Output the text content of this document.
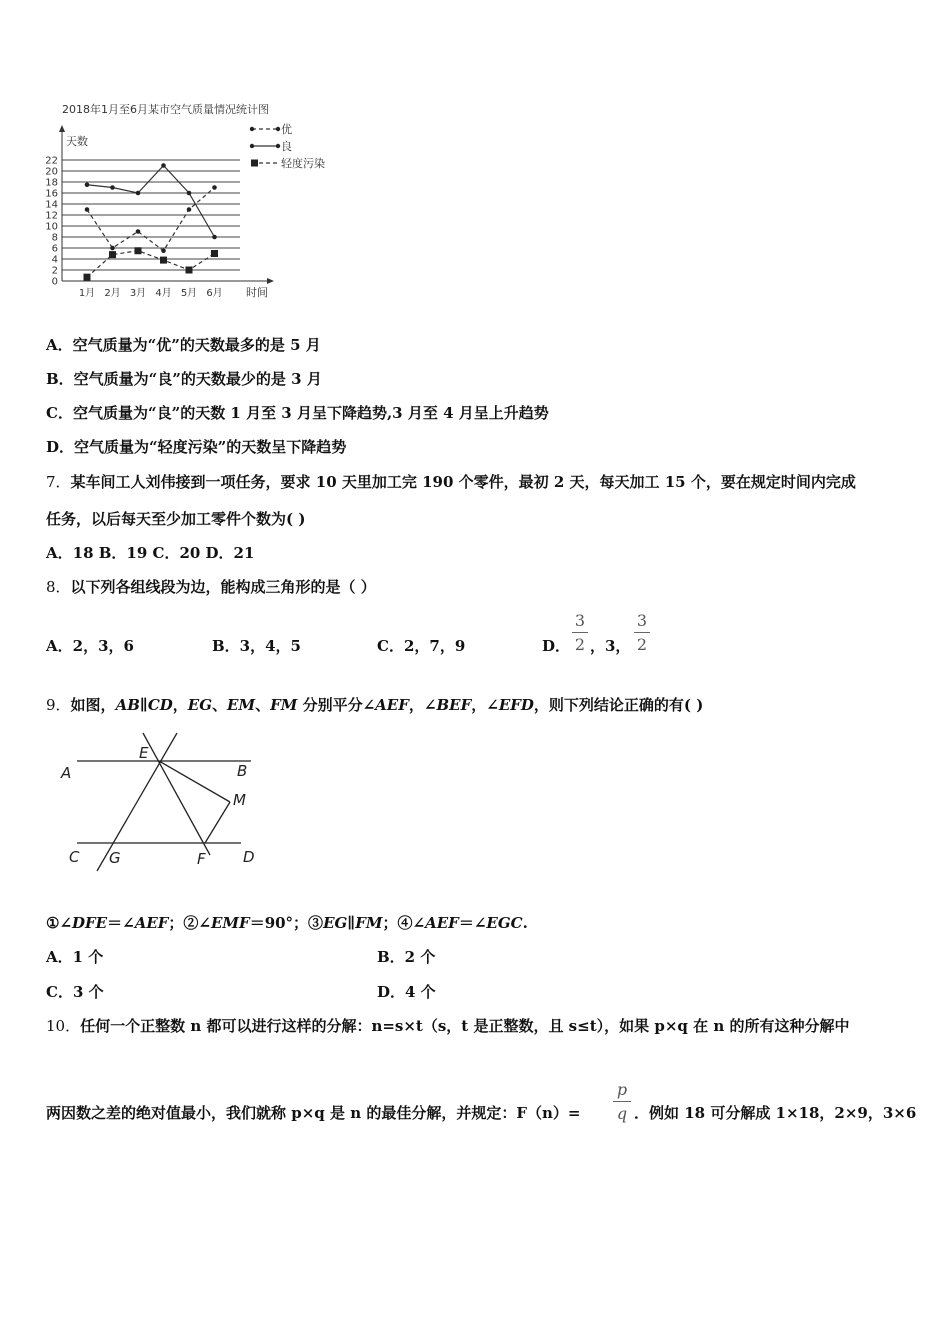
2018年1月至6月某市空气质量情况统计图
天数
时间
0
2
4
6
8
10
12
14
16
18
20
22
1月 2月 3月 4月 5月 6月
优
良
轻度污染
A．空气质量为“优”的天数最多的是 5 月
B．空气质量为“良”的天数最少的是 3 月
C．空气质量为“良”的天数 1 月至 3 月呈下降趋势,3 月至 4 月呈上升趋势
D．空气质量为“轻度污染”的天数呈下降趋势
7．某车间工人刘伟接到一项任务，要求 10 天里加工完 190 个零件，最初 2 天，每天加工 15 个，要在规定时间内完成
任务，以后每天至少加工零件个数为( )
A．18 B．19 C．20 D．21
8．以下列各组线段为边，能构成三角形的是（ ）
A．2，3，6	B．3，4，5	C．2，7，9	D．
3
2 ，3，
3
2
9．如图，AB∥CD，EG、EM、FM 分别平分∠AEF，∠BEF，∠EFD，则下列结论正确的有( )
A	B
E
M
C G	F D
①∠DFE＝∠AEF；②∠EMF＝90°；③EG∥FM；④∠AEF＝∠EGC.
A．1 个	B．2 个
C．3 个	D．4 个
10．任何一个正整数 n 都可以进行这样的分解：n=s×t（s，t 是正整数，且 s≤t），如果 p×q 在 n 的所有这种分解中
两因数之差的绝对值最小，我们就称 p×q 是 n 的最佳分解，并规定：F（n）=
p
q ．例如 18 可分解成 1×18，2×9，3×6
